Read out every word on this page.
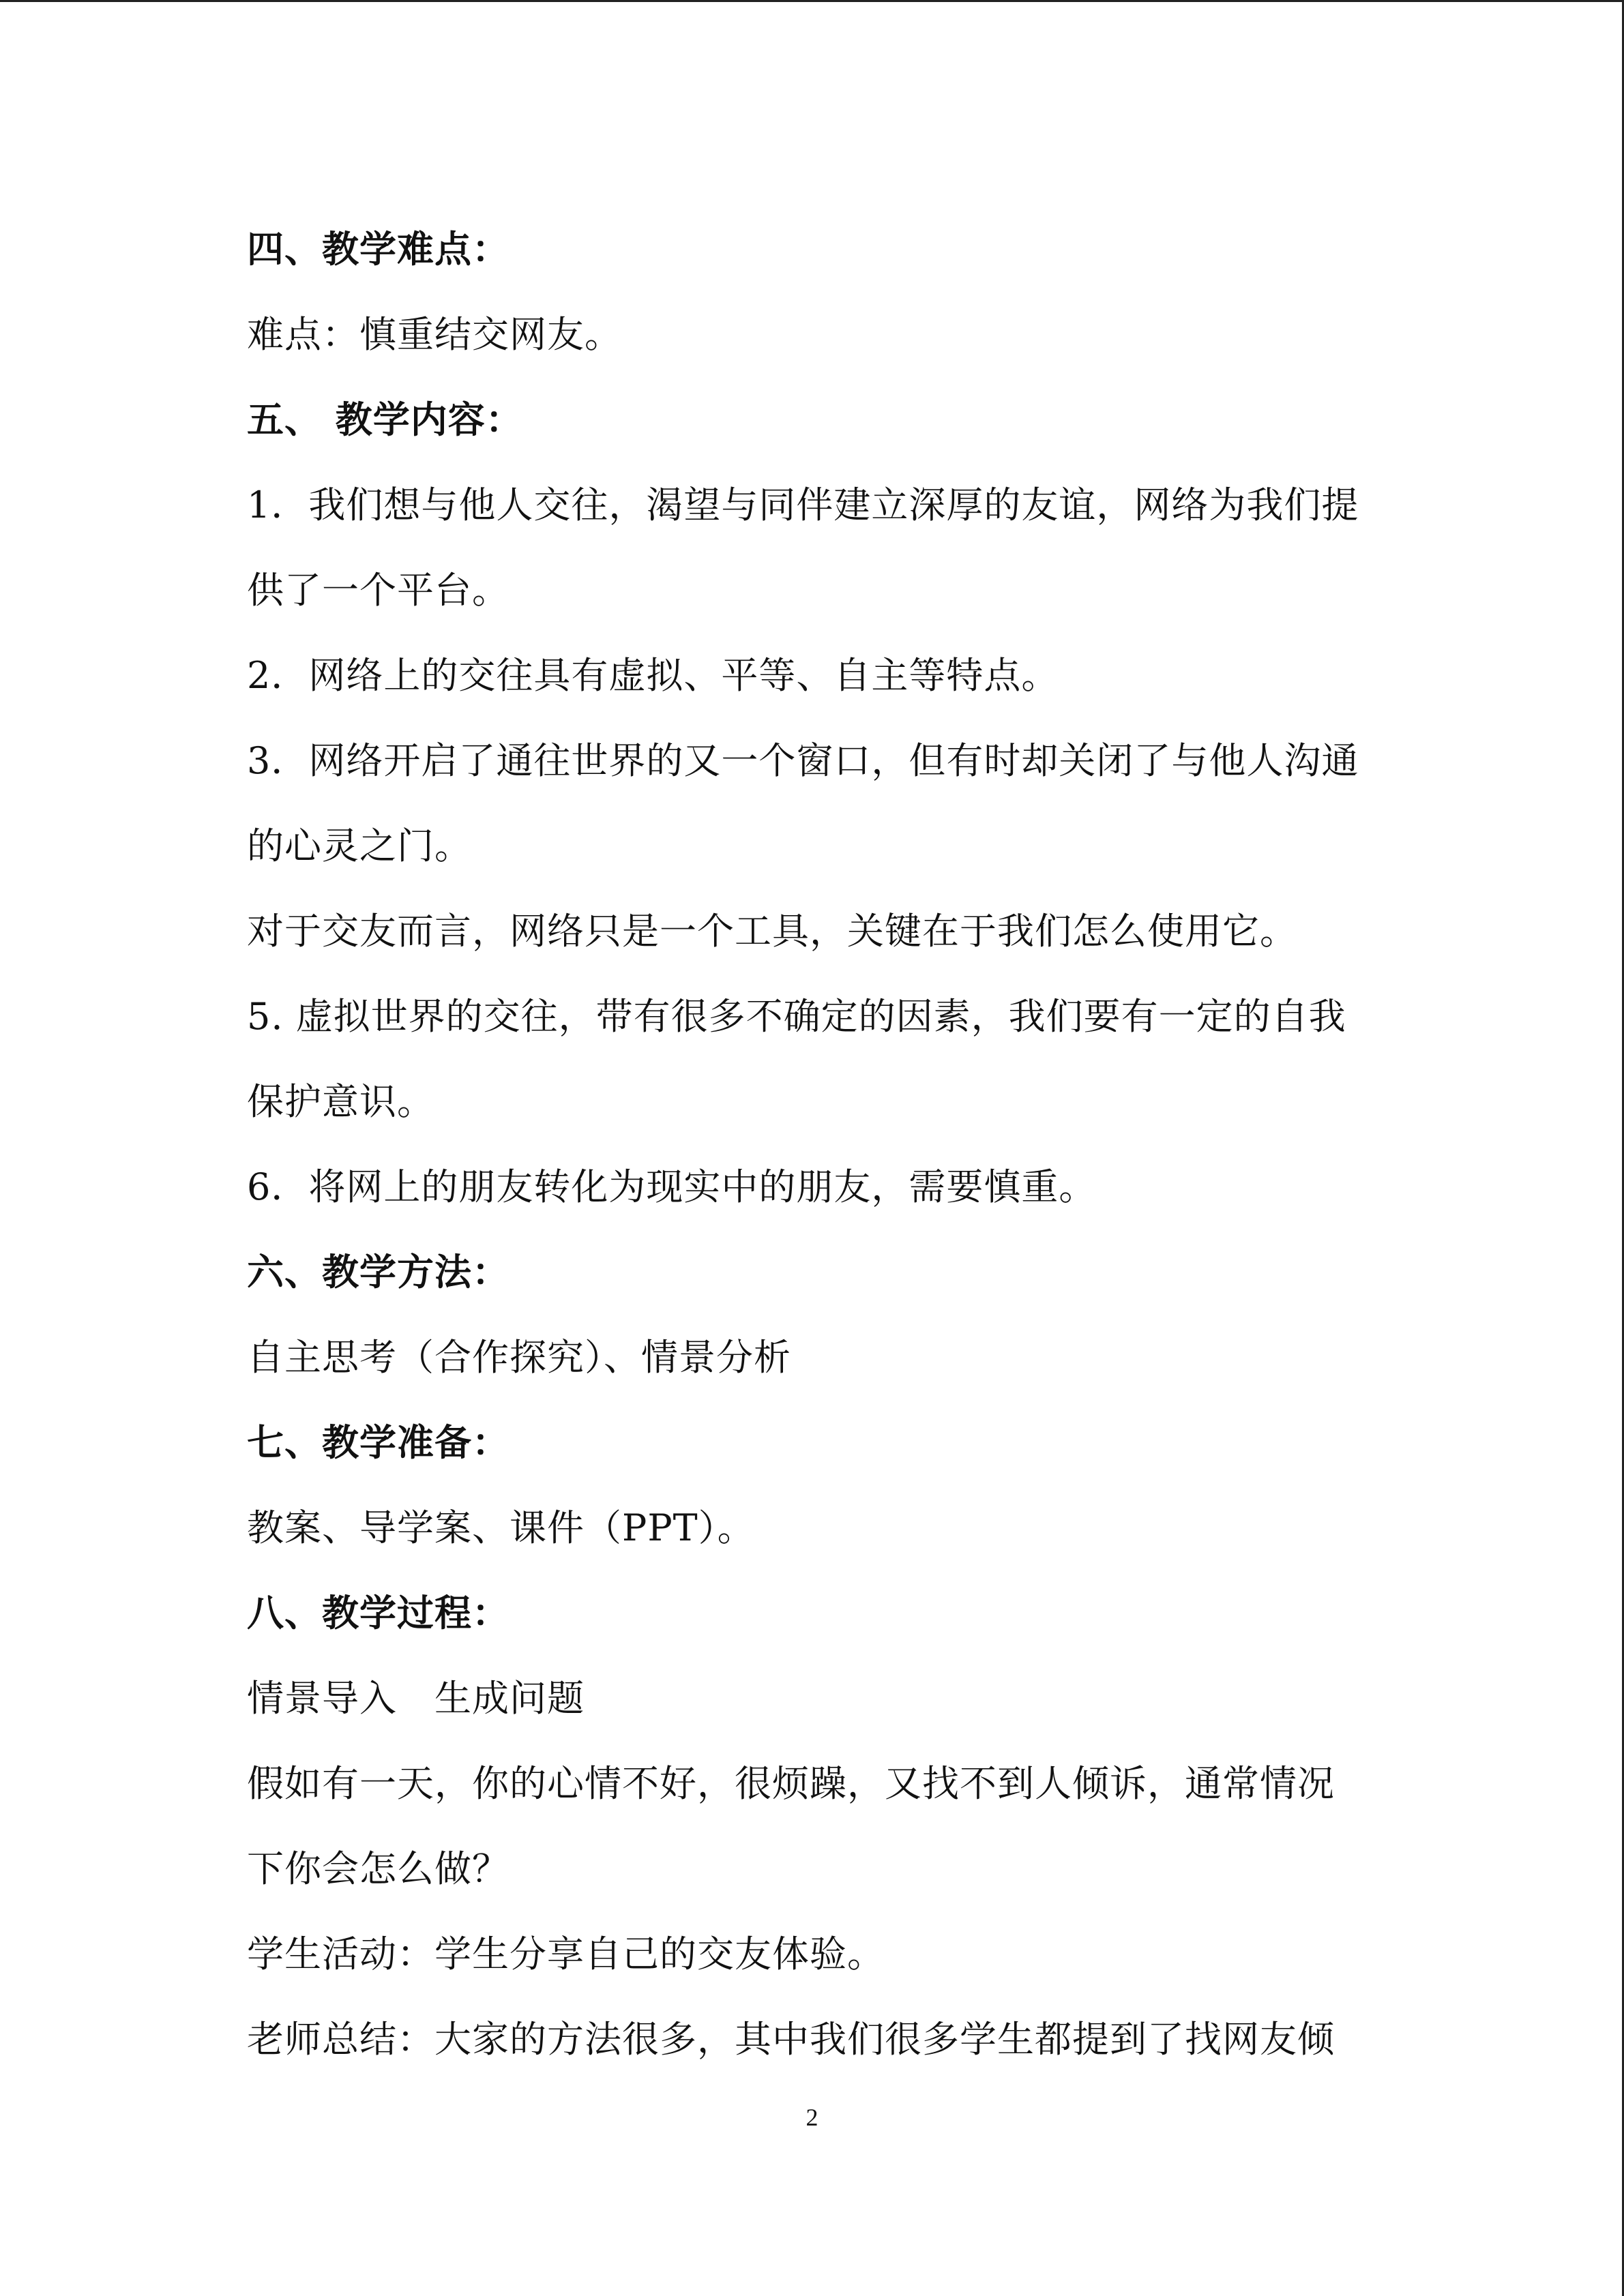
四、教学难点：
难点：慎重结交网友。
五、 教学内容：
1．我们想与他人交往，渴望与同伴建立深厚的友谊，网络为我们提
供了一个平台。
2．网络上的交往具有虚拟、平等、自主等特点。
3．网络开启了通往世界的又一个窗口，但有时却关闭了与他人沟通
的心灵之门。
对于交友而言，网络只是一个工具，关键在于我们怎么使用它。
5. 虚拟世界的交往，带有很多不确定的因素，我们要有一定的自我
保护意识。
6．将网上的朋友转化为现实中的朋友，需要慎重。
六、教学方法：
自主思考（合作探究）、情景分析
七、教学准备：
教案、导学案、课件（PPT）。
八、教学过程：
情景导入　生成问题
假如有一天，你的心情不好，很烦躁，又找不到人倾诉，通常情况
下你会怎么做？
学生活动：学生分享自己的交友体验。
老师总结：大家的方法很多，其中我们很多学生都提到了找网友倾
2
